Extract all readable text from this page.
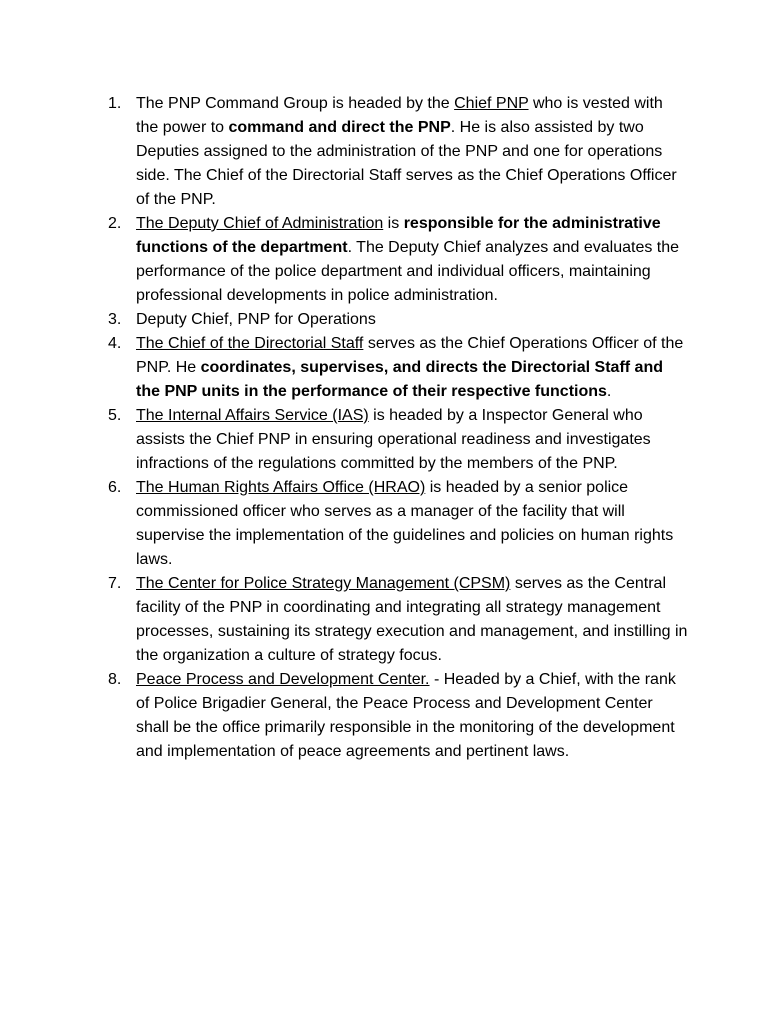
1. The PNP Command Group is headed by the Chief PNP who is vested with the power to command and direct the PNP. He is also assisted by two Deputies assigned to the administration of the PNP and one for operations side. The Chief of the Directorial Staff serves as the Chief Operations Officer of the PNP.
2. The Deputy Chief of Administration is responsible for the administrative functions of the department. The Deputy Chief analyzes and evaluates the performance of the police department and individual officers, maintaining professional developments in police administration.
3. Deputy Chief, PNP for Operations
4. The Chief of the Directorial Staff serves as the Chief Operations Officer of the PNP. He coordinates, supervises, and directs the Directorial Staff and the PNP units in the performance of their respective functions.
5. The Internal Affairs Service (IAS) is headed by a Inspector General who assists the Chief PNP in ensuring operational readiness and investigates infractions of the regulations committed by the members of the PNP.
6. The Human Rights Affairs Office (HRAO) is headed by a senior police commissioned officer who serves as a manager of the facility that will supervise the implementation of the guidelines and policies on human rights laws.
7. The Center for Police Strategy Management (CPSM) serves as the Central facility of the PNP in coordinating and integrating all strategy management processes, sustaining its strategy execution and management, and instilling in the organization a culture of strategy focus.
8. Peace Process and Development Center. - Headed by a Chief, with the rank of Police Brigadier General, the Peace Process and Development Center shall be the office primarily responsible in the monitoring of the development and implementation of peace agreements and pertinent laws.
